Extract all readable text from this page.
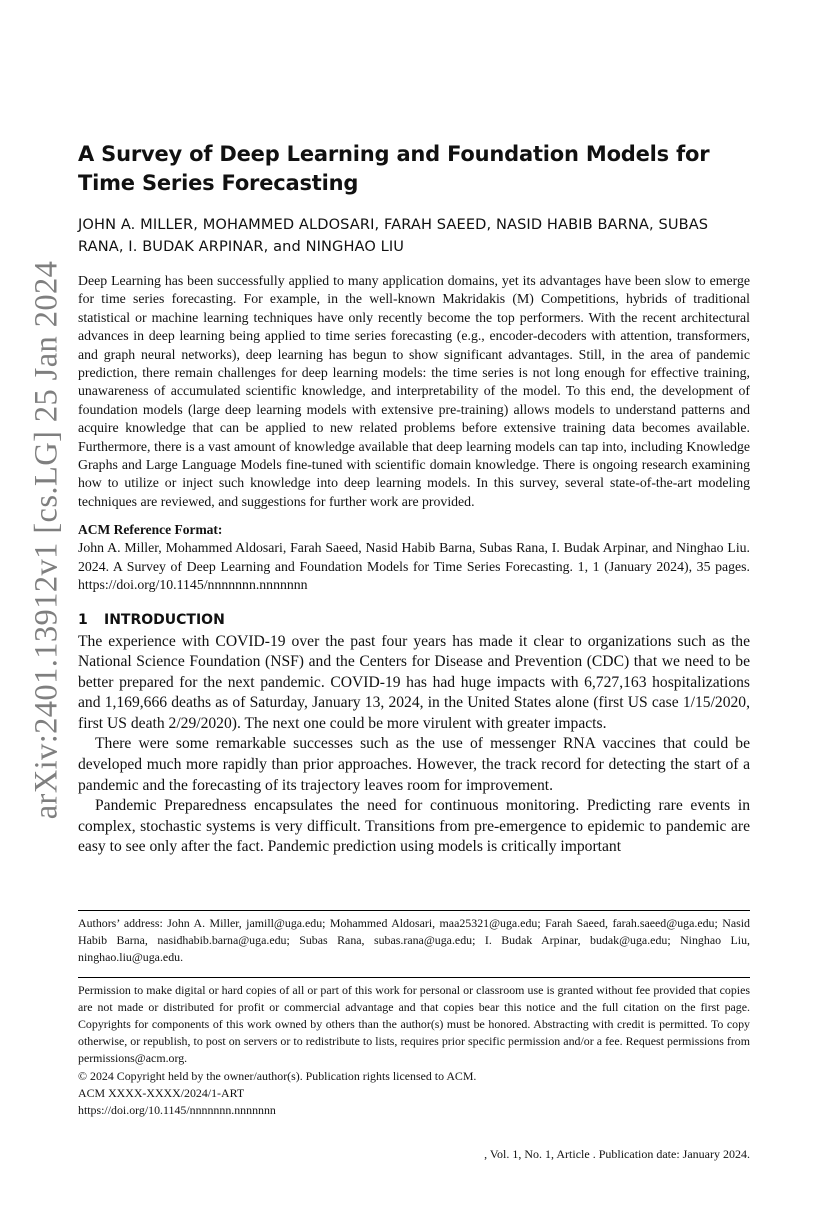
arXiv:2401.13912v1 [cs.LG] 25 Jan 2024
A Survey of Deep Learning and Foundation Models for Time Series Forecasting

JOHN A. MILLER, MOHAMMED ALDOSARI, FARAH SAEED, NASID HABIB BARNA, SUBAS RANA, I. BUDAK ARPINAR, and NINGHAO LIU

Deep Learning has been successfully applied to many application domains, yet its advantages have been slow to emerge for time series forecasting. For example, in the well-known Makridakis (M) Competitions, hybrids of traditional statistical or machine learning techniques have only recently become the top performers. With the recent architectural advances in deep learning being applied to time series forecasting (e.g., encoder-decoders with attention, transformers, and graph neural networks), deep learning has begun to show significant advantages. Still, in the area of pandemic prediction, there remain challenges for deep learning models: the time series is not long enough for effective training, unawareness of accumulated scientific knowledge, and interpretability of the model. To this end, the development of foundation models (large deep learning models with extensive pre-training) allows models to understand patterns and acquire knowledge that can be applied to new related problems before extensive training data becomes available. Furthermore, there is a vast amount of knowledge available that deep learning models can tap into, including Knowledge Graphs and Large Language Models fine-tuned with scientific domain knowledge. There is ongoing research examining how to utilize or inject such knowledge into deep learning models. In this survey, several state-of-the-art modeling techniques are reviewed, and suggestions for further work are provided.

ACM Reference Format:

John A. Miller, Mohammed Aldosari, Farah Saeed, Nasid Habib Barna, Subas Rana, I. Budak Arpinar, and Ninghao Liu. 2024. A Survey of Deep Learning and Foundation Models for Time Series Forecasting. 1, 1 (January 2024), 35 pages. https://doi.org/10.1145/nnnnnnn.nnnnnnn

1 INTRODUCTION

The experience with COVID-19 over the past four years has made it clear to organizations such as the National Science Foundation (NSF) and the Centers for Disease and Prevention (CDC) that we need to be better prepared for the next pandemic. COVID-19 has had huge impacts with 6,727,163 hospitalizations and 1,169,666 deaths as of Saturday, January 13, 2024, in the United States alone (first US case 1/15/2020, first US death 2/29/2020). The next one could be more virulent with greater impacts.

There were some remarkable successes such as the use of messenger RNA vaccines that could be developed much more rapidly than prior approaches. However, the track record for detecting the start of a pandemic and the forecasting of its trajectory leaves room for improvement.

Pandemic Preparedness encapsulates the need for continuous monitoring. Predicting rare events in complex, stochastic systems is very difficult. Transitions from pre-emergence to epidemic to pandemic are easy to see only after the fact. Pandemic prediction using models is critically important

Authors’ address: John A. Miller, jamill@uga.edu; Mohammed Aldosari, maa25321@uga.edu; Farah Saeed, farah.saeed@uga.edu; Nasid Habib Barna, nasidhabib.barna@uga.edu; Subas Rana, subas.rana@uga.edu; I. Budak Arpinar, budak@uga.edu; Ninghao Liu, ninghao.liu@uga.edu.

Permission to make digital or hard copies of all or part of this work for personal or classroom use is granted without fee provided that copies are not made or distributed for profit or commercial advantage and that copies bear this notice and the full citation on the first page. Copyrights for components of this work owned by others than the author(s) must be honored. Abstracting with credit is permitted. To copy otherwise, or republish, to post on servers or to redistribute to lists, requires prior specific permission and/or a fee. Request permissions from permissions@acm.org.

© 2024 Copyright held by the owner/author(s). Publication rights licensed to ACM.

ACM XXXX-XXXX/2024/1-ART

https://doi.org/10.1145/nnnnnnn.nnnnnnn

, Vol. 1, No. 1, Article . Publication date: January 2024.
